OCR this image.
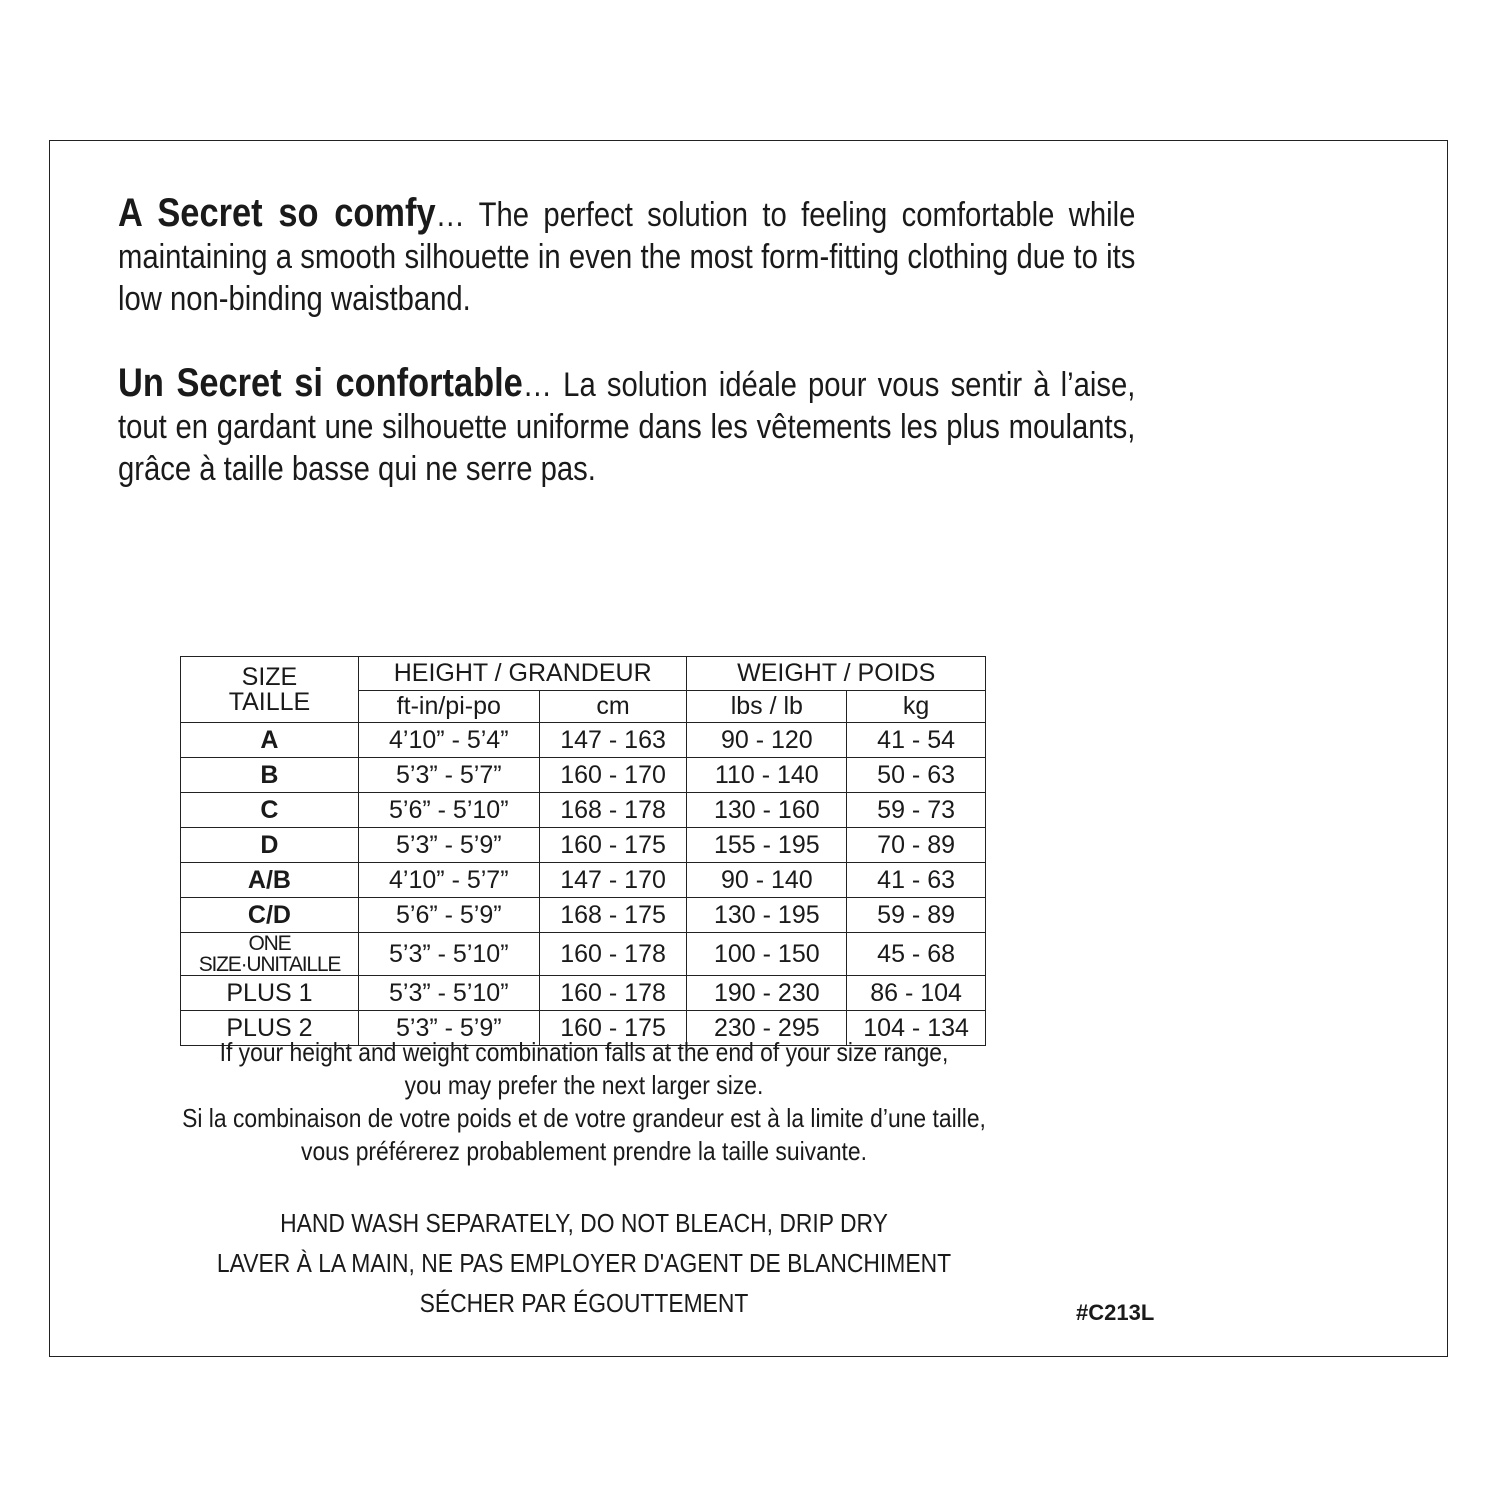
A Secret so comfy… The perfect solution to feeling comfortable while maintaining a smooth silhouette in even the most form-fitting clothing due to its low non-binding waistband.

Un Secret si confortable… La solution idéale pour vous sentir à l’aise, tout en gardant une silhouette uniforme dans les vêtements les plus moulants, grâce à taille basse qui ne serre pas.

SIZE
TAILLE	HEIGHT / GRANDEUR		WEIGHT / POIDS	
	ft-in/pi-po	cm	lbs / lb	kg
A	4’10” - 5’4”	147 - 163	90 - 120	41 - 54
B	5’3” - 5’7”	160 - 170	110 - 140	50 - 63
C	5’6” - 5’10”	168 - 178	130 - 160	59 - 73
D	5’3” - 5’9”	160 - 175	155 - 195	70 - 89
A/B	4’10” - 5’7”	147 - 170	90 - 140	41 - 63
C/D	5’6” - 5’9”	168 - 175	130 - 195	59 - 89
ONE SIZE·UNITAILLE	5’3” - 5’10”	160 - 178	100 - 150	45 - 68
PLUS 1	5’3” - 5’10”	160 - 178	190 - 230	86 - 104
PLUS 2	5’3” - 5’9”	160 - 175	230 - 295	104 - 134
If your height and weight combination falls at the end of your size range,
you may prefer the next larger size.
Si la combinaison de votre poids et de votre grandeur est à la limite d’une taille,
vous préférerez probablement prendre la taille suivante.
HAND WASH SEPARATELY, DO NOT BLEACH, DRIP DRY
LAVER À LA MAIN, NE PAS EMPLOYER D'AGENT DE BLANCHIMENT
SÉCHER PAR ÉGOUTTEMENT	#C213L
